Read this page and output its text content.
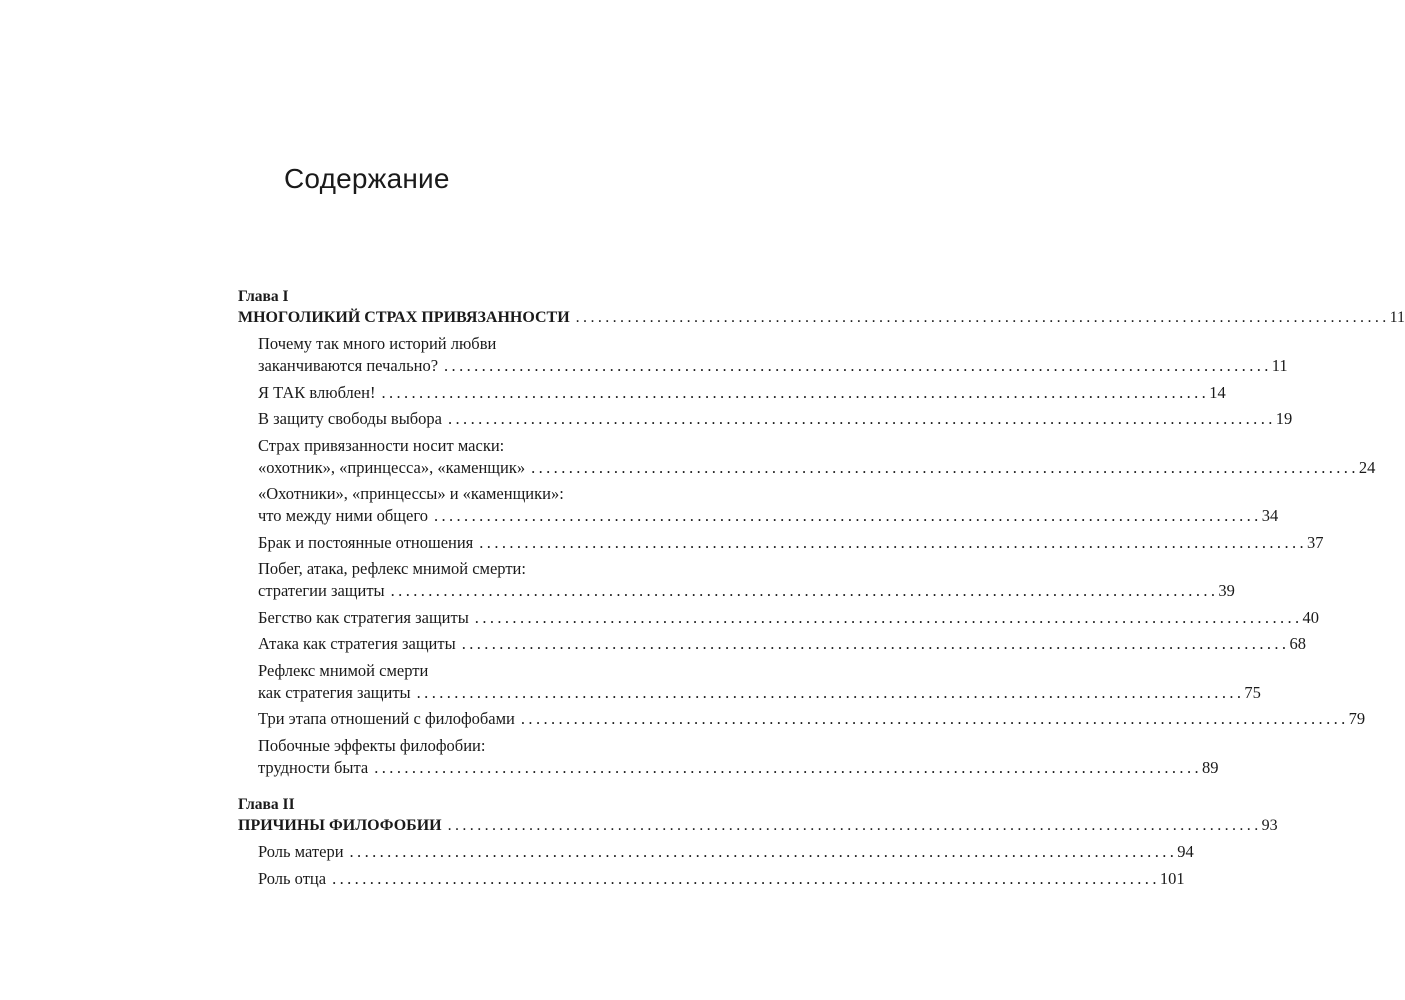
Содержание
Глава I
МНОГОЛИКИЙ СТРАХ ПРИВЯЗАННОСТИ .............................................................................................................. 11
Почему так много историй любви
заканчиваются печально? .............................................................................................................. 11
Я ТАК влюблен! .............................................................................................................. 14
В защиту свободы выбора .............................................................................................................. 19
Страх привязанности носит маски:
«охотник», «принцесса», «каменщик» .............................................................................................................. 24
«Охотники», «принцессы» и «каменщики»:
что между ними общего .............................................................................................................. 34
Брак и постоянные отношения .............................................................................................................. 37
Побег, атака, рефлекс мнимой смерти:
стратегии защиты .............................................................................................................. 39
Бегство как стратегия защиты .............................................................................................................. 40
Атака как стратегия защиты .............................................................................................................. 68
Рефлекс мнимой смерти
как стратегия защиты .............................................................................................................. 75
Три этапа отношений с филофобами .............................................................................................................. 79
Побочные эффекты филофобии:
трудности быта .............................................................................................................. 89
Глава II
ПРИЧИНЫ ФИЛОФОБИИ .............................................................................................................. 93
Роль матери .............................................................................................................. 94
Роль отца .............................................................................................................. 101
